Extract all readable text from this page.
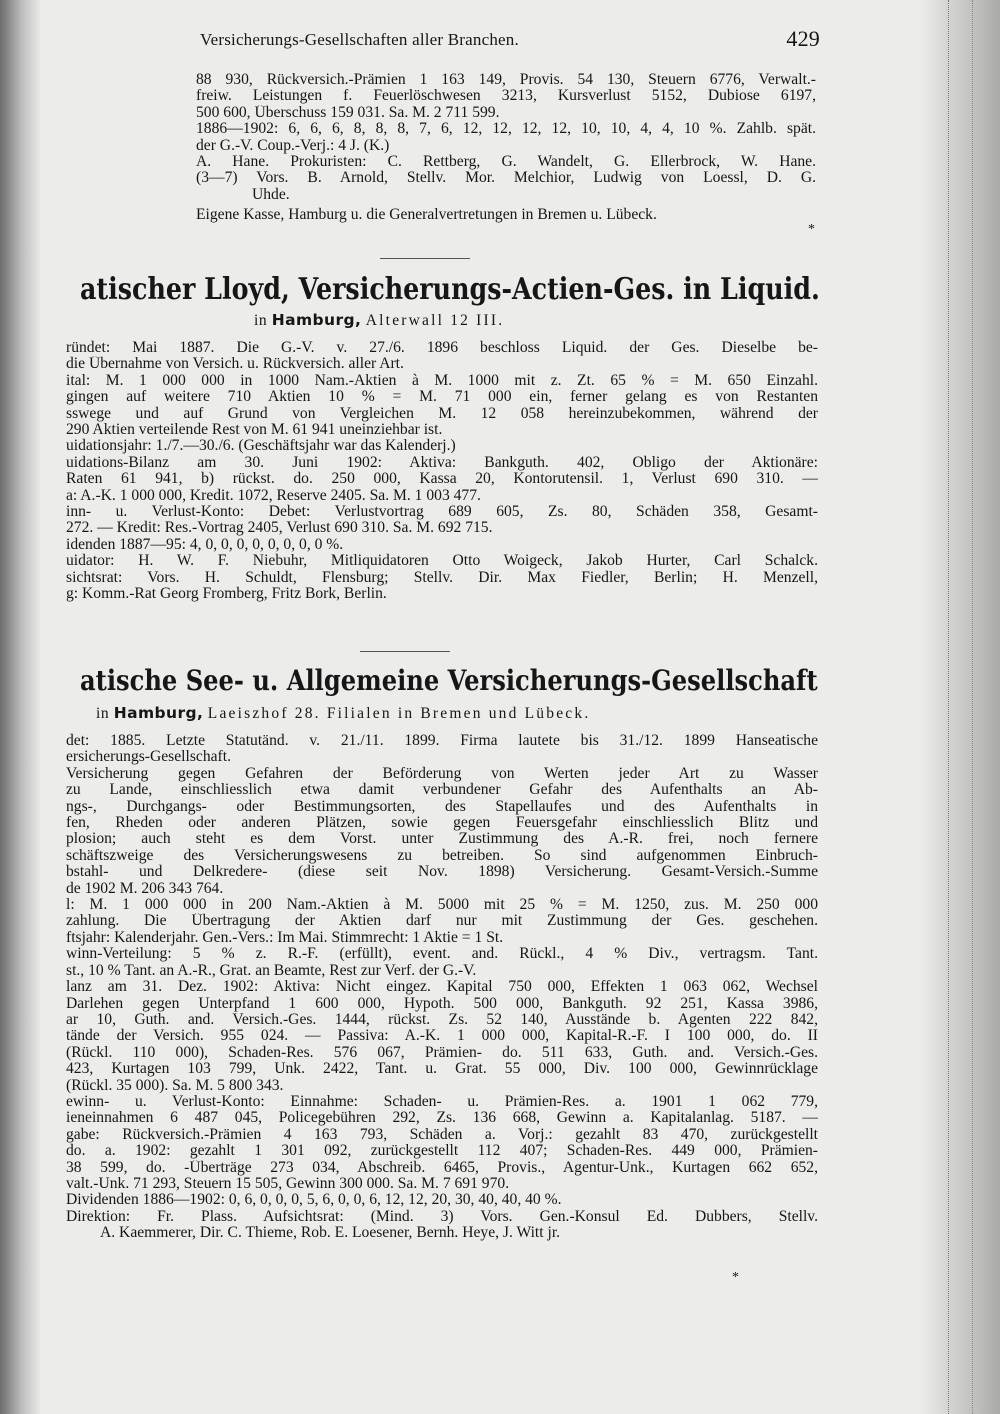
Versicherungs-Gesellschaften aller Branchen.	429
88 930, Rückversich.-Prämien 1 163 149, Provis. 54 130, Steuern 6776, Verwalt.-
freiw. Leistungen f. Feuerlöschwesen 3213, Kursverlust 5152, Dubiose 6197,
500 600, Überschuss 159 031. Sa. M. 2 711 599.
1886—1902: 6, 6, 6, 8, 8, 8, 7, 6, 12, 12, 12, 12, 10, 10, 4, 4, 10 %. Zahlb. spät.
der G.-V. Coup.-Verj.: 4 J. (K.)
A. Hane. Prokuristen: C. Rettberg, G. Wandelt, G. Ellerbrock, W. Hane.
(3—7) Vors. B. Arnold, Stellv. Mor. Melchior, Ludwig von Loessl, D. G.
Uhde.
Eigene Kasse, Hamburg u. die Generalvertretungen in Bremen u. Lübeck.
*
atischer Lloyd, Versicherungs-Actien-Ges. in Liquid.
in Hamburg, Alterwall 12 III.
ründet: Mai 1887. Die G.-V. v. 27./6. 1896 beschloss Liquid. der Ges. Dieselbe be-
die Übernahme von Versich. u. Rückversich. aller Art.
ital: M. 1 000 000 in 1000 Nam.-Aktien à M. 1000 mit z. Zt. 65 % = M. 650 Einzahl.
gingen auf weitere 710 Aktien 10 % = M. 71 000 ein, ferner gelang es von Restanten
sswege und auf Grund von Vergleichen M. 12 058 hereinzubekommen, während der
290 Aktien verteilende Rest von M. 61 941 uneinziehbar ist.
uidationsjahr: 1./7.—30./6. (Geschäftsjahr war das Kalenderj.)
uidations-Bilanz am 30. Juni 1902: Aktiva: Bankguth. 402, Obligo der Aktionäre:
Raten 61 941, b) rückst. do. 250 000, Kassa 20, Kontorutensil. 1, Verlust 690 310. —
a: A.-K. 1 000 000, Kredit. 1072, Reserve 2405. Sa. M. 1 003 477.
inn- u. Verlust-Konto: Debet: Verlustvortrag 689 605, Zs. 80, Schäden 358, Gesamt-
272. — Kredit: Res.-Vortrag 2405, Verlust 690 310. Sa. M. 692 715.
idenden 1887—95: 4, 0, 0, 0, 0, 0, 0, 0, 0 %.
uidator: H. W. F. Niebuhr, Mitliquidatoren Otto Woigeck, Jakob Hurter, Carl Schalck.
sichtsrat: Vors. H. Schuldt, Flensburg; Stellv. Dir. Max Fiedler, Berlin; H. Menzell,
g: Komm.-Rat Georg Fromberg, Fritz Bork, Berlin.
atische See- u. Allgemeine Versicherungs-Gesellschaft
in Hamburg, Laeiszhof 28. Filialen in Bremen und Lübeck.
det: 1885. Letzte Statutänd. v. 21./11. 1899. Firma lautete bis 31./12. 1899 Hanseatische
ersicherungs-Gesellschaft.
Versicherung gegen Gefahren der Beförderung von Werten jeder Art zu Wasser
zu Lande, einschliesslich etwa damit verbundener Gefahr des Aufenthalts an Ab-
ngs-, Durchgangs- oder Bestimmungsorten, des Stapellaufes und des Aufenthalts in
fen, Rheden oder anderen Plätzen, sowie gegen Feuersgefahr einschliesslich Blitz und
plosion; auch steht es dem Vorst. unter Zustimmung des A.-R. frei, noch fernere
schäftszweige des Versicherungswesens zu betreiben. So sind aufgenommen Einbruch-
bstahl- und Delkredere- (diese seit Nov. 1898) Versicherung. Gesamt-Versich.-Summe
de 1902 M. 206 343 764.
l: M. 1 000 000 in 200 Nam.-Aktien à M. 5000 mit 25 % = M. 1250, zus. M. 250 000
zahlung. Die Übertragung der Aktien darf nur mit Zustimmung der Ges. geschehen.
ftsjahr: Kalenderjahr. Gen.-Vers.: Im Mai. Stimmrecht: 1 Aktie = 1 St.
winn-Verteilung: 5 % z. R.-F. (erfüllt), event. and. Rückl., 4 % Div., vertragsm. Tant.
st., 10 % Tant. an A.-R., Grat. an Beamte, Rest zur Verf. der G.-V.
lanz am 31. Dez. 1902: Aktiva: Nicht eingez. Kapital 750 000, Effekten 1 063 062, Wechsel
Darlehen gegen Unterpfand 1 600 000, Hypoth. 500 000, Bankguth. 92 251, Kassa 3986,
ar 10, Guth. and. Versich.-Ges. 1444, rückst. Zs. 52 140, Ausstände b. Agenten 222 842,
tände der Versich. 955 024. — Passiva: A.-K. 1 000 000, Kapital-R.-F. I 100 000, do. II
(Rückl. 110 000), Schaden-Res. 576 067, Prämien- do. 511 633, Guth. and. Versich.-Ges.
423, Kurtagen 103 799, Unk. 2422, Tant. u. Grat. 55 000, Div. 100 000, Gewinnrücklage
(Rückl. 35 000). Sa. M. 5 800 343.
ewinn- u. Verlust-Konto: Einnahme: Schaden- u. Prämien-Res. a. 1901 1 062 779,
ieneinnahmen 6 487 045, Policegebühren 292, Zs. 136 668, Gewinn a. Kapitalanlag. 5187. —
gabe: Rückversich.-Prämien 4 163 793, Schäden a. Vorj.: gezahlt 83 470, zurückgestellt
do. a. 1902: gezahlt 1 301 092, zurückgestellt 112 407; Schaden-Res. 449 000, Prämien-
38 599, do. -Überträge 273 034, Abschreib. 6465, Provis., Agentur-Unk., Kurtagen 662 652,
valt.-Unk. 71 293, Steuern 15 505, Gewinn 300 000. Sa. M. 7 691 970.
Dividenden 1886—1902: 0, 6, 0, 0, 0, 5, 6, 0, 0, 6, 12, 12, 20, 30, 40, 40, 40 %.
Direktion: Fr. Plass. Aufsichtsrat: (Mind. 3) Vors. Gen.-Konsul Ed. Dubbers, Stellv.
A. Kaemmerer, Dir. C. Thieme, Rob. E. Loesener, Bernh. Heye, J. Witt jr.
*
